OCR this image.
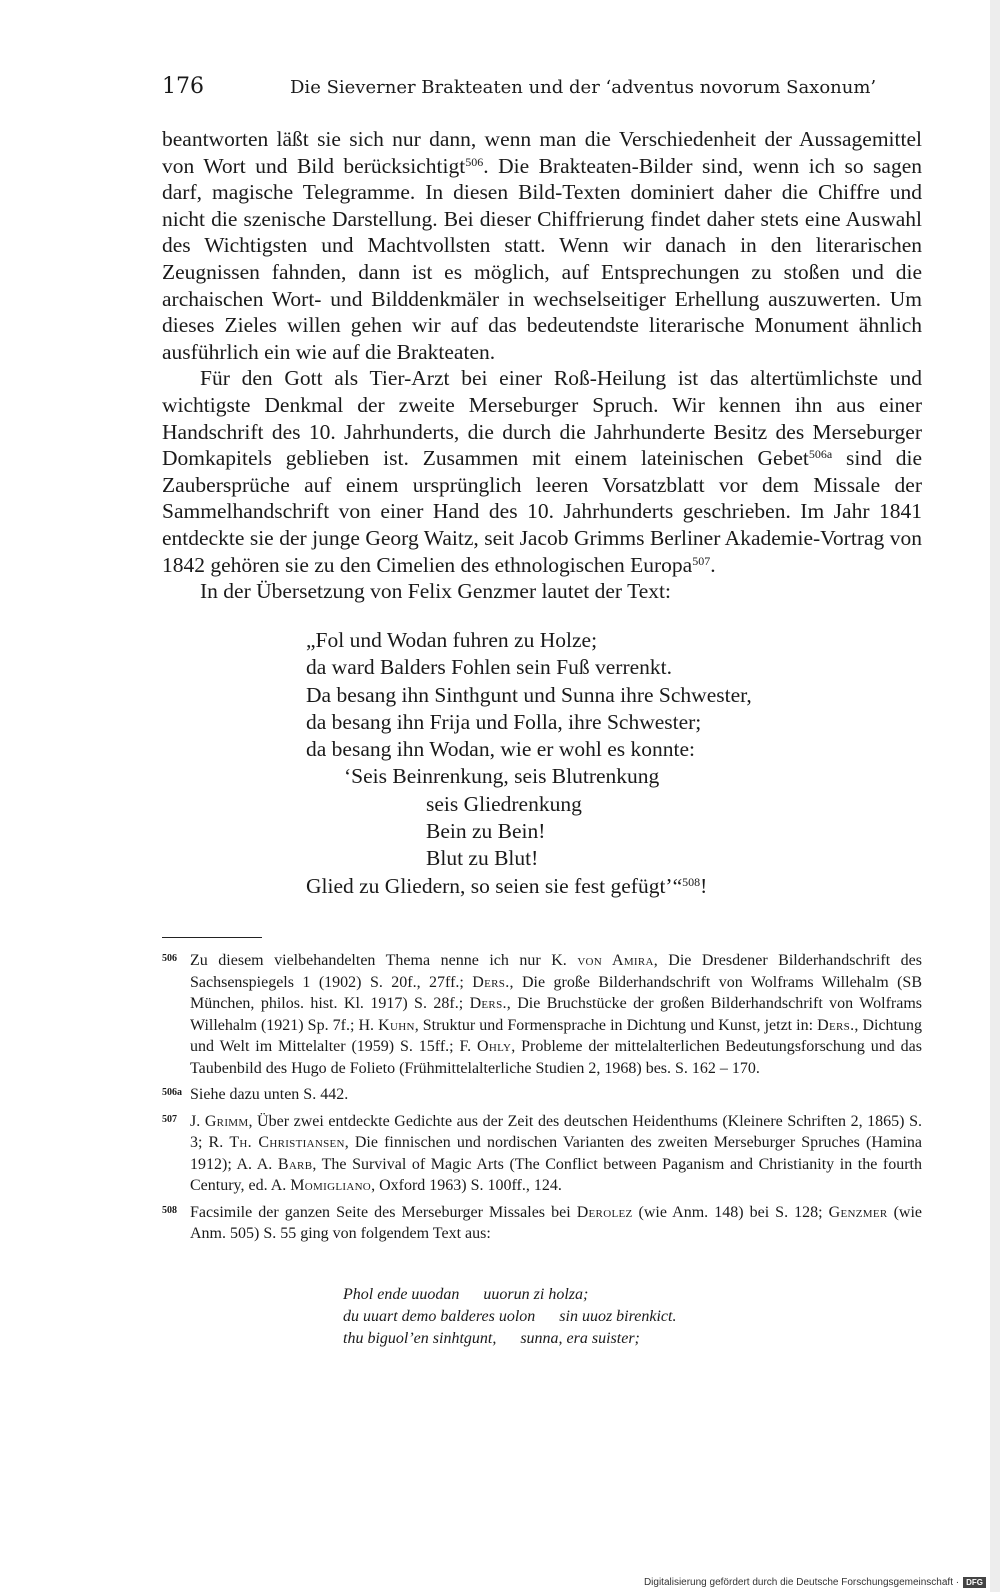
176	Die Sieverner Brakteaten und der ‘adventus novorum Saxonum’

beantworten läßt sie sich nur dann, wenn man die Verschiedenheit der Aussagemittel von Wort und Bild berücksichtigt$^{506}$. Die Brakteaten-Bilder sind, wenn ich so sagen darf, magische Telegramme. In diesen Bild-Texten dominiert daher die Chiffre und nicht die szenische Darstellung. Bei dieser Chiffrierung findet daher stets eine Auswahl des Wichtigsten und Machtvollsten statt. Wenn wir danach in den literarischen Zeugnissen fahnden, dann ist es möglich, auf Entsprechungen zu stoßen und die archaischen Wort- und Bilddenkmäler in wechselseitiger Erhellung auszuwerten. Um dieses Zieles willen gehen wir auf das bedeutendste literarische Monument ähnlich ausführlich ein wie auf die Brakteaten.

Für den Gott als Tier-Arzt bei einer Roß-Heilung ist das altertümlichste und wichtigste Denkmal der zweite Merseburger Spruch. Wir kennen ihn aus einer Handschrift des 10. Jahrhunderts, die durch die Jahrhunderte Besitz des Merseburger Domkapitels geblieben ist. Zusammen mit einem lateinischen Gebet$^{506a}$ sind die Zaubersprüche auf einem ursprünglich leeren Vorsatzblatt vor dem Missale der Sammelhandschrift von einer Hand des 10. Jahrhunderts geschrieben. Im Jahr 1841 entdeckte sie der junge Georg Waitz, seit Jacob Grimms Berliner Akademie-Vortrag von 1842 gehören sie zu den Cimelien des ethnologischen Europa$^{507}$.

In der Übersetzung von Felix Genzmer lautet der Text:

„Fol und Wodan fuhren zu Holze;
da ward Balders Fohlen sein Fuß verrenkt.
Da besang ihn Sinthgunt und Sunna ihre Schwester,
da besang ihn Frija und Folla, ihre Schwester;
da besang ihn Wodan, wie er wohl es konnte:
‘Seis Beinrenkung, seis Blutrenkung
seis Gliedrenkung
Bein zu Bein!
Blut zu Blut!
Glied zu Gliedern, so seien sie fest gefügt’“$^{508}$!
506 Zu diesem vielbehandelten Thema nenne ich nur K. von Amira, Die Dresdener Bilderhandschrift des Sachsenspiegels 1 (1902) S. 20f., 27ff.; Ders., Die große Bilderhandschrift von Wolframs Willehalm (SB München, philos. hist. Kl. 1917) S. 28f.; Ders., Die Bruchstücke der großen Bilderhandschrift von Wolframs Willehalm (1921) Sp. 7f.; H. Kuhn, Struktur und Formensprache in Dichtung und Kunst, jetzt in: Ders., Dichtung und Welt im Mittelalter (1959) S. 15ff.; F. Ohly, Probleme der mittelalterlichen Bedeutungsforschung und das Taubenbild des Hugo de Folieto (Frühmittelalterliche Studien 2, 1968) bes. S. 162 – 170.
506a Siehe dazu unten S. 442.
507 J. Grimm, Über zwei entdeckte Gedichte aus der Zeit des deutschen Heidenthums (Kleinere Schriften 2, 1865) S. 3; R. Th. Christiansen, Die finnischen und nordischen Varianten des zweiten Merseburger Spruches (Hamina 1912); A. A. Barb, The Survival of Magic Arts (The Conflict between Paganism and Christianity in the fourth Century, ed. A. Momigliano, Oxford 1963) S. 100ff., 124.
508 Facsimile der ganzen Seite des Merseburger Missales bei Derolez (wie Anm. 148) bei S. 128; Genzmer (wie Anm. 505) S. 55 ging von folgendem Text aus:
Phol ende uuodan      uuorun zi holza;
du uuart demo balderes uolon      sin uuoz birenkict.
thu biguol’en sinhtgunt,      sunna, era suister;
Digitalisierung gefördert durch die Deutsche Forschungsgemeinschaft · DFG
